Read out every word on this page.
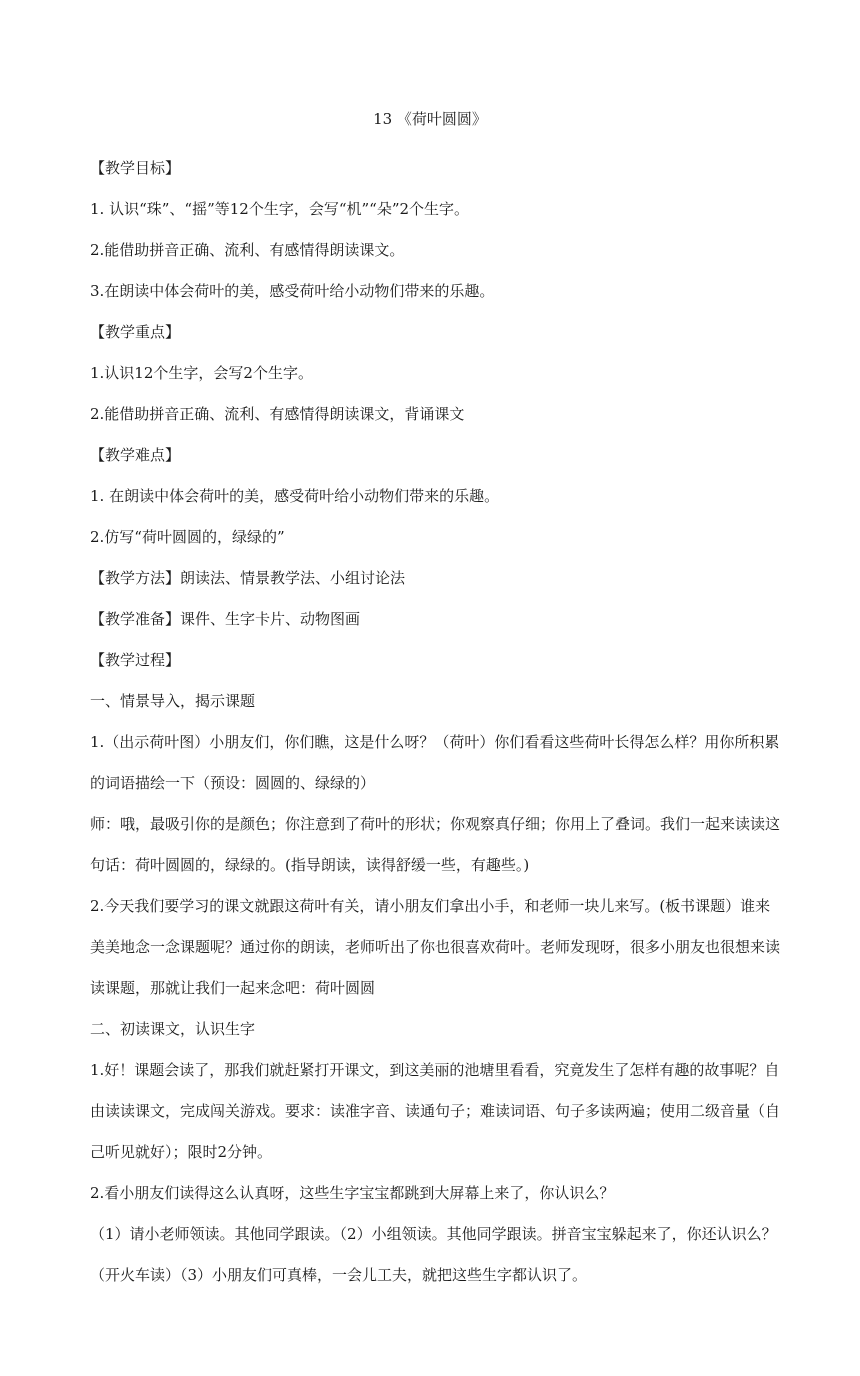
13 《荷叶圆圆》
【教学目标】
1. 认识“珠”、“摇”等12个生字，会写“机”“朵”2个生字。
2.能借助拼音正确、流利、有感情得朗读课文。
3.在朗读中体会荷叶的美，感受荷叶给小动物们带来的乐趣。
【教学重点】
1.认识12个生字，会写2个生字。
2.能借助拼音正确、流利、有感情得朗读课文，背诵课文
【教学难点】
1. 在朗读中体会荷叶的美，感受荷叶给小动物们带来的乐趣。
2.仿写“荷叶圆圆的，绿绿的”
【教学方法】朗读法、情景教学法、小组讨论法
【教学准备】课件、生字卡片、动物图画
【教学过程】
一、情景导入，揭示课题
1.（出示荷叶图）小朋友们，你们瞧，这是什么呀？（荷叶）你们看看这些荷叶长得怎么样？用你所积累的词语描绘一下（预设：圆圆的、绿绿的）
师：哦，最吸引你的是颜色；你注意到了荷叶的形状；你观察真仔细；你用上了叠词。我们一起来读读这句话：荷叶圆圆的，绿绿的。(指导朗读，读得舒缓一些，有趣些。)
2.今天我们要学习的课文就跟这荷叶有关，请小朋友们拿出小手，和老师一块儿来写。(板书课题）谁来美美地念一念课题呢？通过你的朗读，老师听出了你也很喜欢荷叶。老师发现呀，很多小朋友也很想来读读课题，那就让我们一起来念吧：荷叶圆圆
二、初读课文，认识生字
1.好！课题会读了，那我们就赶紧打开课文，到这美丽的池塘里看看，究竟发生了怎样有趣的故事呢？自由读读课文，完成闯关游戏。要求：读准字音、读通句子；难读词语、句子多读两遍；使用二级音量（自己听见就好）；限时2分钟。
2.看小朋友们读得这么认真呀，这些生字宝宝都跳到大屏幕上来了，你认识么？
（1）请小老师领读。其他同学跟读。（2）小组领读。其他同学跟读。拼音宝宝躲起来了，你还认识么？（开火车读）（3）小朋友们可真棒，一会儿工夫，就把这些生字都认识了。
